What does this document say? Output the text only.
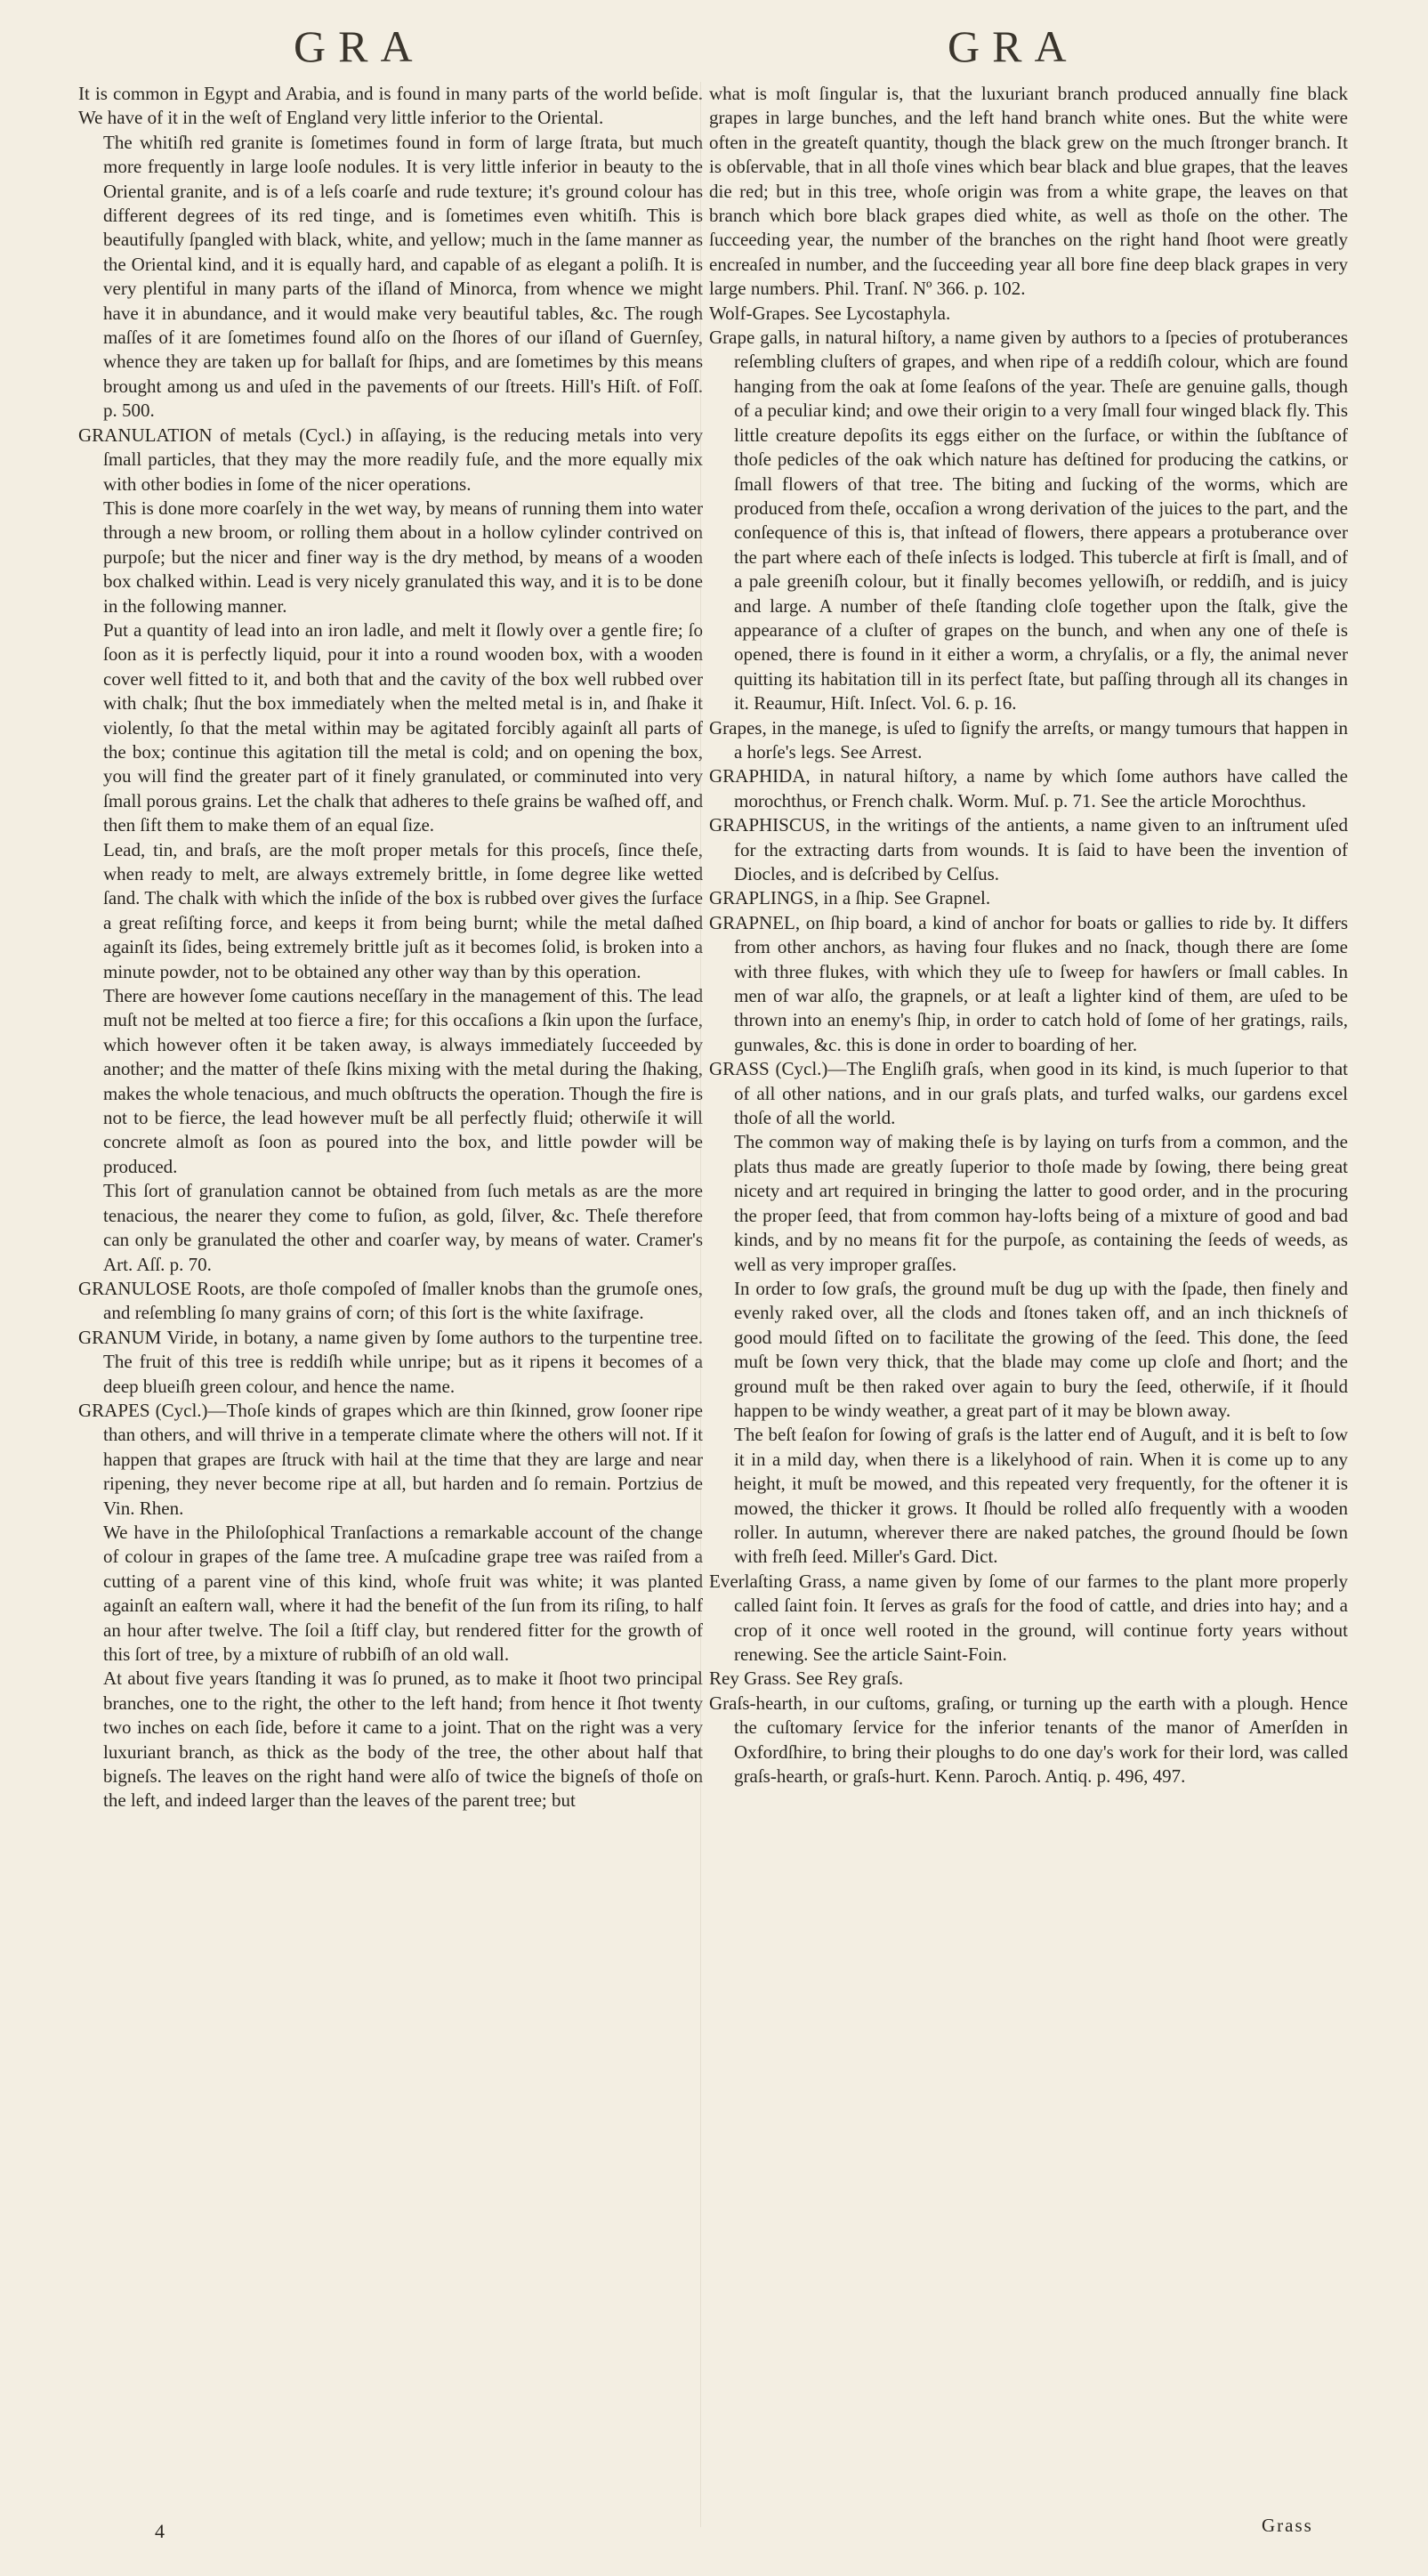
GRA	GRA

It is common in Egypt and Arabia, and is found in many parts of the world beſide. We have of it in the weſt of England very little inferior to the Oriental.

The whitiſh red granite is ſometimes found in form of large ſtrata, but much more frequently in large looſe nodules. It is very little inferior in beauty to the Oriental granite, and is of a leſs coarſe and rude texture; it's ground colour has different degrees of its red tinge, and is ſometimes even whitiſh. This is beautifully ſpangled with black, white, and yellow; much in the ſame manner as the Oriental kind, and it is equally hard, and capable of as elegant a poliſh. It is very plentiful in many parts of the iſland of Minorca, from whence we might have it in abundance, and it would make very beautiful tables, &c. The rough maſſes of it are ſometimes found alſo on the ſhores of our iſland of Guernſey, whence they are taken up for ballaſt for ſhips, and are ſometimes by this means brought among us and uſed in the pavements of our ſtreets. Hill's Hiſt. of Foſſ. p. 500.

GRANULATION of metals (Cycl.) in aſſaying, is the reducing metals into very ſmall particles, that they may the more readily fuſe, and the more equally mix with other bodies in ſome of the nicer operations.

This is done more coarſely in the wet way, by means of running them into water through a new broom, or rolling them about in a hollow cylinder contrived on purpoſe; but the nicer and finer way is the dry method, by means of a wooden box chalked within. Lead is very nicely granulated this way, and it is to be done in the following manner.

Put a quantity of lead into an iron ladle, and melt it ſlowly over a gentle fire; ſo ſoon as it is perfectly liquid, pour it into a round wooden box, with a wooden cover well fitted to it, and both that and the cavity of the box well rubbed over with chalk; ſhut the box immediately when the melted metal is in, and ſhake it violently, ſo that the metal within may be agitated forcibly againſt all parts of the box; continue this agitation till the metal is cold; and on opening the box, you will find the greater part of it finely granulated, or comminuted into very ſmall porous grains. Let the chalk that adheres to theſe grains be waſhed off, and then ſift them to make them of an equal ſize.

Lead, tin, and braſs, are the moſt proper metals for this proceſs, ſince theſe, when ready to melt, are always extremely brittle, in ſome degree like wetted ſand. The chalk with which the inſide of the box is rubbed over gives the ſurface a great reſiſting force, and keeps it from being burnt; while the metal daſhed againſt its ſides, being extremely brittle juſt as it becomes ſolid, is broken into a minute powder, not to be obtained any other way than by this operation.

There are however ſome cautions neceſſary in the management of this. The lead muſt not be melted at too fierce a fire; for this occaſions a ſkin upon the ſurface, which however often it be taken away, is always immediately ſucceeded by another; and the matter of theſe ſkins mixing with the metal during the ſhaking, makes the whole tenacious, and much obſtructs the operation. Though the fire is not to be fierce, the lead however muſt be all perfectly fluid; otherwiſe it will concrete almoſt as ſoon as poured into the box, and little powder will be produced.

This ſort of granulation cannot be obtained from ſuch metals as are the more tenacious, the nearer they come to fuſion, as gold, ſilver, &c. Theſe therefore can only be granulated the other and coarſer way, by means of water. Cramer's Art. Aſſ. p. 70.

GRANULOSE Roots, are thoſe compoſed of ſmaller knobs than the grumoſe ones, and reſembling ſo many grains of corn; of this ſort is the white ſaxifrage.

GRANUM Viride, in botany, a name given by ſome authors to the turpentine tree. The fruit of this tree is reddiſh while unripe; but as it ripens it becomes of a deep blueiſh green colour, and hence the name.

GRAPES (Cycl.)—Thoſe kinds of grapes which are thin ſkinned, grow ſooner ripe than others, and will thrive in a temperate climate where the others will not. If it happen that grapes are ſtruck with hail at the time that they are large and near ripening, they never become ripe at all, but harden and ſo remain. Portzius de Vin. Rhen.

We have in the Philoſophical Tranſactions a remarkable account of the change of colour in grapes of the ſame tree. A muſcadine grape tree was raiſed from a cutting of a parent vine of this kind, whoſe fruit was white; it was planted againſt an eaſtern wall, where it had the benefit of the ſun from its riſing, to half an hour after twelve. The ſoil a ſtiff clay, but rendered fitter for the growth of this ſort of tree, by a mixture of rubbiſh of an old wall.

At about five years ſtanding it was ſo pruned, as to make it ſhoot two principal branches, one to the right, the other to the left hand; from hence it ſhot twenty two inches on each ſide, before it came to a joint. That on the right was a very luxuriant branch, as thick as the body of the tree, the other about half that bigneſs. The leaves on the right hand were alſo of twice the bigneſs of thoſe on the left, and indeed larger than the leaves of the parent tree; but

what is moſt ſingular is, that the luxuriant branch produced annually fine black grapes in large bunches, and the left hand branch white ones. But the white were often in the greateſt quantity, though the black grew on the much ſtronger branch. It is obſervable, that in all thoſe vines which bear black and blue grapes, that the leaves die red; but in this tree, whoſe origin was from a white grape, the leaves on that branch which bore black grapes died white, as well as thoſe on the other. The ſucceeding year, the number of the branches on the right hand ſhoot were greatly encreaſed in number, and the ſucceeding year all bore fine deep black grapes in very large numbers. Phil. Tranſ. Nº 366. p. 102.

Wolf-Grapes. See Lycostaphyla.

Grape galls, in natural hiſtory, a name given by authors to a ſpecies of protuberances reſembling cluſters of grapes, and when ripe of a reddiſh colour, which are found hanging from the oak at ſome ſeaſons of the year. Theſe are genuine galls, though of a peculiar kind; and owe their origin to a very ſmall four winged black fly. This little creature depoſits its eggs either on the ſurface, or within the ſubſtance of thoſe pedicles of the oak which nature has deſtined for producing the catkins, or ſmall flowers of that tree. The biting and ſucking of the worms, which are produced from theſe, occaſion a wrong derivation of the juices to the part, and the conſequence of this is, that inſtead of flowers, there appears a protuberance over the part where each of theſe inſects is lodged. This tubercle at firſt is ſmall, and of a pale greeniſh colour, but it finally becomes yellowiſh, or reddiſh, and is juicy and large. A number of theſe ſtanding cloſe together upon the ſtalk, give the appearance of a cluſter of grapes on the bunch, and when any one of theſe is opened, there is found in it either a worm, a chryſalis, or a fly, the animal never quitting its habitation till in its perfect ſtate, but paſſing through all its changes in it. Reaumur, Hiſt. Inſect. Vol. 6. p. 16.

Grapes, in the manege, is uſed to ſignify the arreſts, or mangy tumours that happen in a horſe's legs. See Arrest.

GRAPHIDA, in natural hiſtory, a name by which ſome authors have called the morochthus, or French chalk. Worm. Muſ. p. 71. See the article Morochthus.

GRAPHISCUS, in the writings of the antients, a name given to an inſtrument uſed for the extracting darts from wounds. It is ſaid to have been the invention of Diocles, and is deſcribed by Celſus.

GRAPLINGS, in a ſhip. See Grapnel.

GRAPNEL, on ſhip board, a kind of anchor for boats or gallies to ride by. It differs from other anchors, as having four flukes and no ſnack, though there are ſome with three flukes, with which they uſe to ſweep for hawſers or ſmall cables. In men of war alſo, the grapnels, or at leaſt a lighter kind of them, are uſed to be thrown into an enemy's ſhip, in order to catch hold of ſome of her gratings, rails, gunwales, &c. this is done in order to boarding of her.

GRASS (Cycl.)—The Engliſh graſs, when good in its kind, is much ſuperior to that of all other nations, and in our graſs plats, and turfed walks, our gardens excel thoſe of all the world.

The common way of making theſe is by laying on turfs from a common, and the plats thus made are greatly ſuperior to thoſe made by ſowing, there being great nicety and art required in bringing the latter to good order, and in the procuring the proper ſeed, that from common hay-lofts being of a mixture of good and bad kinds, and by no means fit for the purpoſe, as containing the ſeeds of weeds, as well as very improper graſſes.

In order to ſow graſs, the ground muſt be dug up with the ſpade, then finely and evenly raked over, all the clods and ſtones taken off, and an inch thickneſs of good mould ſifted on to facilitate the growing of the ſeed. This done, the ſeed muſt be ſown very thick, that the blade may come up cloſe and ſhort; and the ground muſt be then raked over again to bury the ſeed, otherwiſe, if it ſhould happen to be windy weather, a great part of it may be blown away.

The beſt ſeaſon for ſowing of graſs is the latter end of Auguſt, and it is beſt to ſow it in a mild day, when there is a likelyhood of rain. When it is come up to any height, it muſt be mowed, and this repeated very frequently, for the oftener it is mowed, the thicker it grows. It ſhould be rolled alſo frequently with a wooden roller. In autumn, wherever there are naked patches, the ground ſhould be ſown with freſh ſeed. Miller's Gard. Dict.

Everlaſting Grass, a name given by ſome of our farmes to the plant more properly called ſaint foin. It ſerves as graſs for the food of cattle, and dries into hay; and a crop of it once well rooted in the ground, will continue forty years without renewing. See the article Saint-Foin.

Rey Grass. See Rey graſs.

Graſs-hearth, in our cuſtoms, graſing, or turning up the earth with a plough. Hence the cuſtomary ſervice for the inferior tenants of the manor of Amerſden in Oxfordſhire, to bring their ploughs to do one day's work for their lord, was called graſs-hearth, or graſs-hurt. Kenn. Paroch. Antiq. p. 496, 497.

4	Grass
